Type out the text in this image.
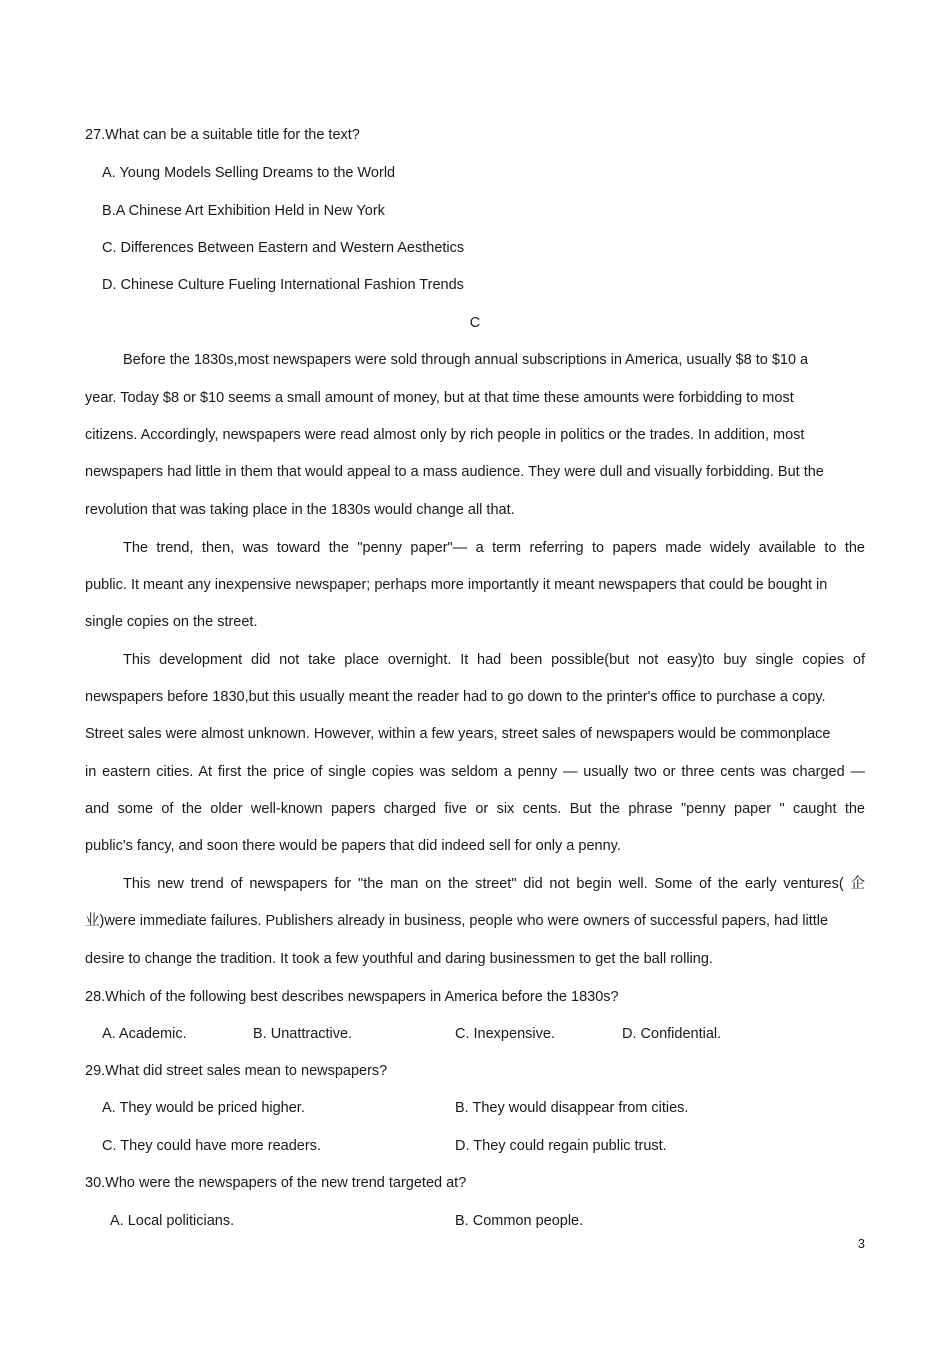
27.What can be a suitable title for the text?
A. Young Models Selling Dreams to the World
B.A Chinese Art Exhibition Held in New York
C. Differences Between Eastern and Western Aesthetics
D. Chinese Culture Fueling International Fashion Trends
C
Before the 1830s,most newspapers were sold through annual subscriptions in America, usually $8 to $10 a
year. Today $8 or $10 seems a small amount of money, but at that time these amounts were forbidding to most
citizens. Accordingly, newspapers were read almost only by rich people in politics or the trades. In addition, most
newspapers had little in them that would appeal to a mass audience. They were dull and visually forbidding. But the
revolution that was taking place in the 1830s would change all that.
The trend, then, was toward the "penny paper"— a term referring to papers made widely available to the
public. It meant any inexpensive newspaper; perhaps more importantly it meant newspapers that could be bought in
single copies on the street.
This development did not take place overnight. It had been possible(but not easy)to buy single copies of
newspapers before 1830,but this usually meant the reader had to go down to the printer's office to purchase a copy.
Street sales were almost unknown. However, within a few years, street sales of newspapers would be commonplace
in eastern cities. At first the price of single copies was seldom a penny — usually two or three cents was charged —
and some of the older well-known papers charged five or six cents. But the phrase "penny paper " caught the
public's fancy, and soon there would be papers that did indeed sell for only a penny.
This new trend of newspapers for "the man on the street" did not begin well. Some of the early ventures( 企
业)were immediate failures. Publishers already in business, people who were owners of successful papers, had little
desire to change the tradition. It took a few youthful and daring businessmen to get the ball rolling.
28.Which of the following best describes newspapers in America before the 1830s?
A. Academic.	B. Unattractive.	C. Inexpensive.	D. Confidential.
29.What did street sales mean to newspapers?
A. They would be priced higher.	B. They would disappear from cities.
C. They could have more readers.	D. They could regain public trust.
30.Who were the newspapers of the new trend targeted at?
A. Local politicians.	B. Common people.
3
